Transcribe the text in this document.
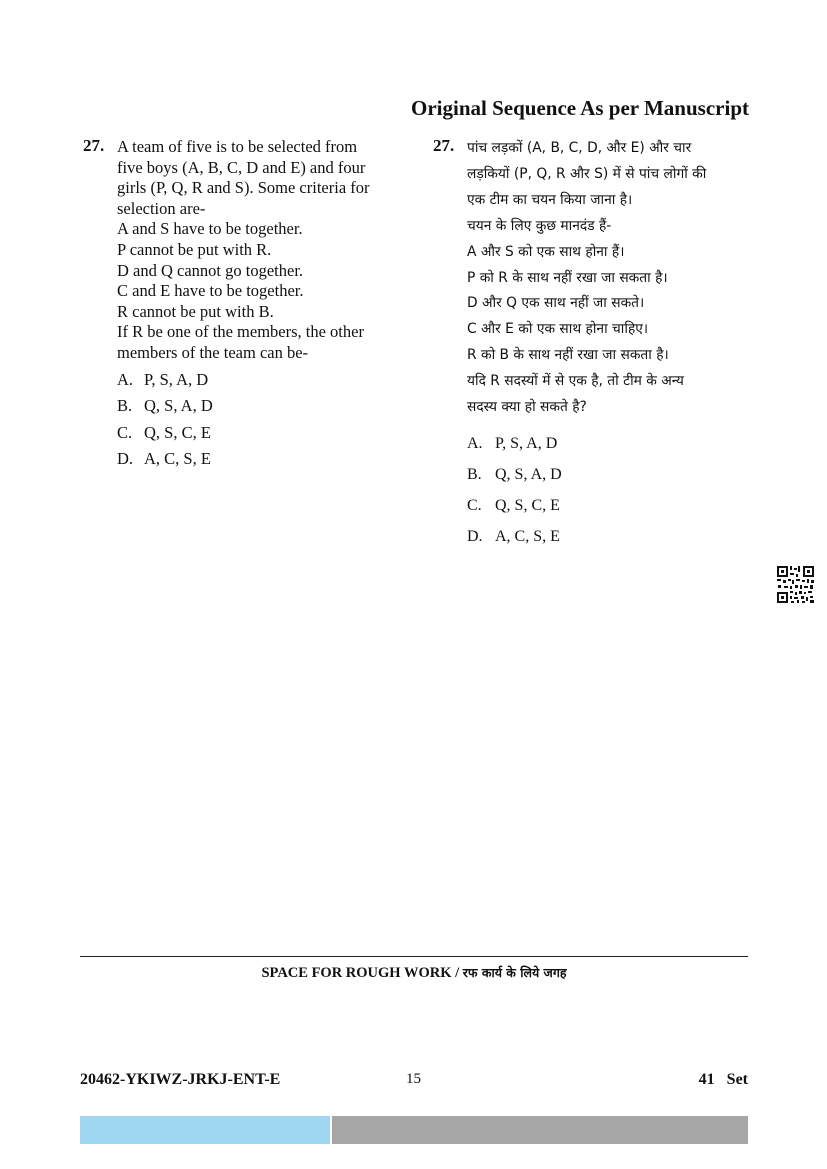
Original Sequence As per Manuscript
27. A team of five is to be selected from
five boys (A, B, C, D and E) and four
girls (P, Q, R and S). Some criteria for
selection are-
A and S have to be together.
P cannot be put with R.
D and Q cannot go together.
C and E have to be together.
R cannot be put with B.
If R be one of the members, the other
members of the team can be-
A. P, S, A, D
B. Q, S, A, D
C. Q, S, C, E
D. A, C, S, E
27. पांच लड़कों (A, B, C, D, और E) और चार
लड़कियों (P, Q, R और S) में से पांच लोगों की
एक टीम का चयन किया जाना है।
चयन के लिए कुछ मानदंड हैं-
A और S को एक साथ होना हैं।
P को R के साथ नहीं रखा जा सकता है।
D और Q एक साथ नहीं जा सकते।
C और E को एक साथ होना चाहिए।
R को B के साथ नहीं रखा जा सकता है।
यदि R सदस्यों में से एक है, तो टीम के अन्य
सदस्य क्या हो सकते है?
A. P, S, A, D
B. Q, S, A, D
C. Q, S, C, E
D. A, C, S, E
SPACE FOR ROUGH WORK / रफ कार्य के लिये जगह
20462-YKIWZ-JRKJ-ENT-E	15	41 Set
